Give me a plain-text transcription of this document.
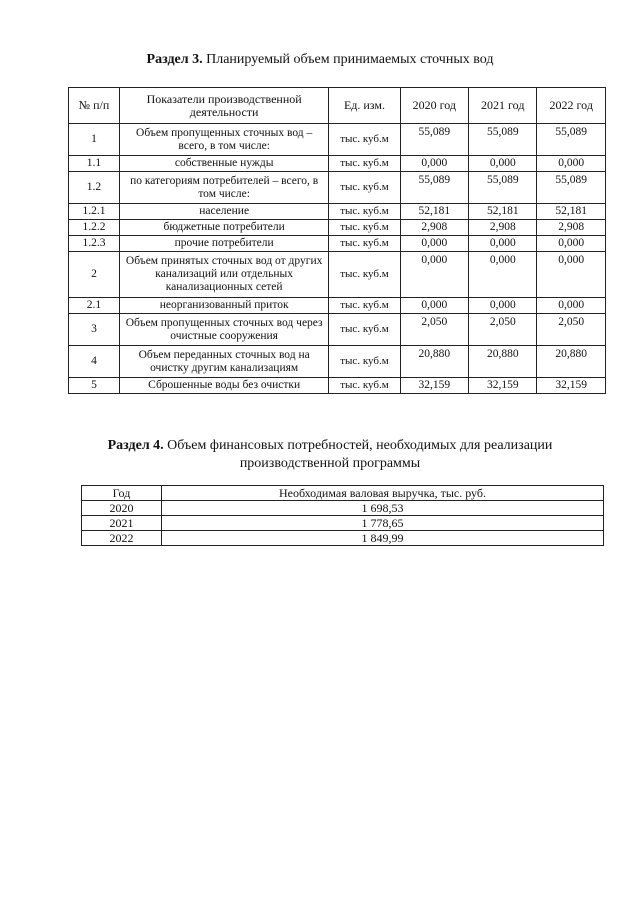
Раздел 3. Планируемый объем принимаемых сточных вод
№ п/п	Показатели производственной деятельности	Ед. изм.	2020 год	2021 год	2022 год
1	Объем пропущенных сточных вод – всего, в том числе:	тыс. куб.м	55,089	55,089	55,089
1.1	собственные нужды	тыс. куб.м	0,000	0,000	0,000
1.2	по категориям потребителей – всего, в том числе:	тыс. куб.м	55,089	55,089	55,089
1.2.1	население	тыс. куб.м	52,181	52,181	52,181
1.2.2	бюджетные потребители	тыс. куб.м	2,908	2,908	2,908
1.2.3	прочие потребители	тыс. куб.м	0,000	0,000	0,000
2	Объем принятых сточных вод от других канализаций или отдельных канализационных сетей	тыс. куб.м	0,000	0,000	0,000
2.1	неорганизованный приток	тыс. куб.м	0,000	0,000	0,000
3	Объем пропущенных сточных вод через очистные сооружения	тыс. куб.м	2,050	2,050	2,050
4	Объем переданных сточных вод на очистку другим канализациям	тыс. куб.м	20,880	20,880	20,880
5	Сброшенные воды без очистки	тыс. куб.м	32,159	32,159	32,159
Раздел 4. Объем финансовых потребностей, необходимых для реализации производственной программы
Год	Необходимая валовая выручка, тыс. руб.
2020	1 698,53
2021	1 778,65
2022	1 849,99
